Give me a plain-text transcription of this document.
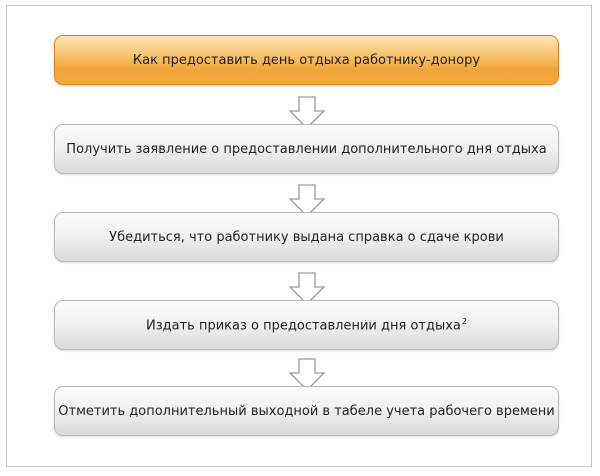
Как предоставить день отдыха работнику-донору
Получить заявление о предоставлении дополнительного дня отдыха
Убедиться, что работнику выдана справка о сдаче крови
Издать приказ о предоставлении дня отдыха$^2$
Отметить дополнительный выходной в табеле учета рабочего времени
